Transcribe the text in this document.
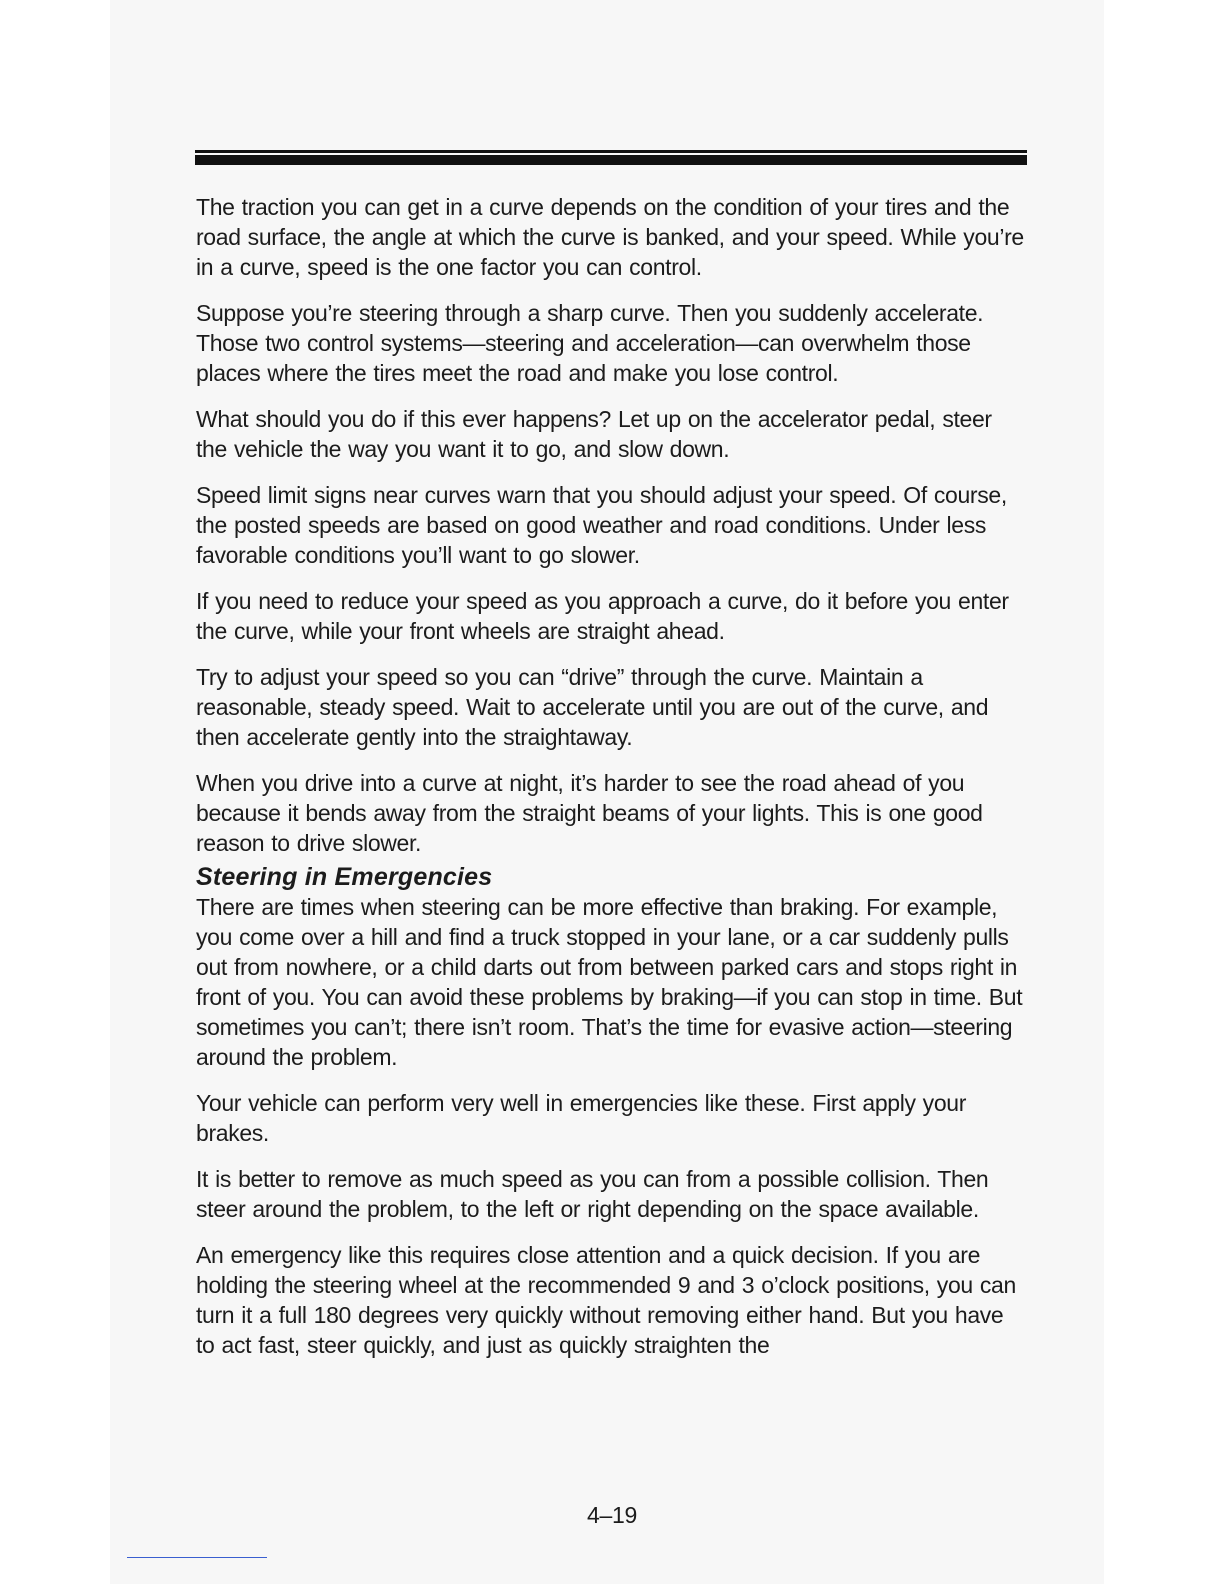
The traction you can get in a curve depends on the condition of your tires and the road surface, the angle at which the curve is banked, and your speed. While you’re in a curve, speed is the one factor you can control.

Suppose you’re steering through a sharp curve. Then you suddenly accelerate. Those two control systems—steering and acceleration—can overwhelm those places where the tires meet the road and make you lose control.

What should you do if this ever happens? Let up on the accelerator pedal, steer the vehicle the way you want it to go, and slow down.

Speed limit signs near curves warn that you should adjust your speed. Of course, the posted speeds are based on good weather and road conditions. Under less favorable conditions you’ll want to go slower.

If you need to reduce your speed as you approach a curve, do it before you enter the curve, while your front wheels are straight ahead.

Try to adjust your speed so you can “drive” through the curve. Maintain a reasonable, steady speed. Wait to accelerate until you are out of the curve, and then accelerate gently into the straightaway.

When you drive into a curve at night, it’s harder to see the road ahead of you because it bends away from the straight beams of your lights. This is one good reason to drive slower.

Steering in Emergencies

There are times when steering can be more effective than braking. For example, you come over a hill and find a truck stopped in your lane, or a car suddenly pulls out from nowhere, or a child darts out from between parked cars and stops right in front of you. You can avoid these problems by braking—if you can stop in time. But sometimes you can’t; there isn’t room. That’s the time for evasive action—steering around the problem.

Your vehicle can perform very well in emergencies like these. First apply your brakes.

It is better to remove as much speed as you can from a possible collision. Then steer around the problem, to the left or right depending on the space available.

An emergency like this requires close attention and a quick decision. If you are holding the steering wheel at the recommended 9 and 3 o’clock positions, you can turn it a full 180 degrees very quickly without removing either hand. But you have to act fast, steer quickly, and just as quickly straighten the

4–19
